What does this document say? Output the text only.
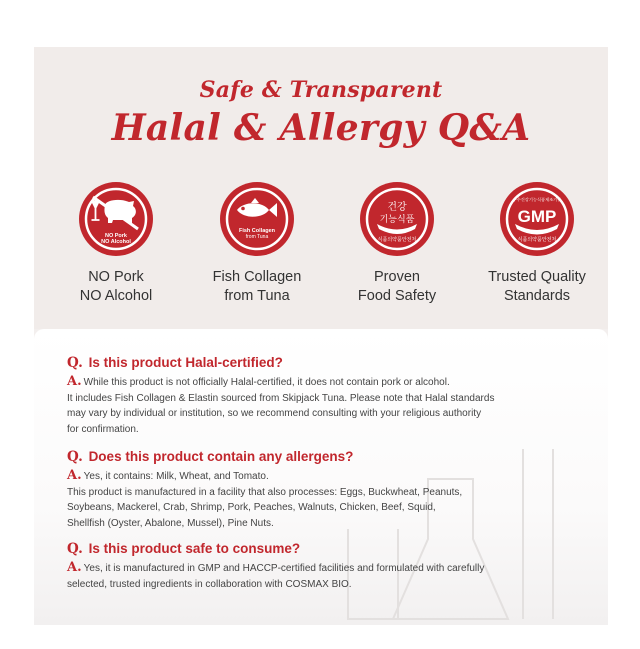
Safe & Transparent
Halal & Allergy Q&A
NO Pork
NO Alcohol
NO Pork
NO Alcohol
Fish Collagen
from Tuna
Fish Collagen
from Tuna
건강
기능식품
식품의약품안전처
Proven
Food Safety
우수건강기능식품제조기준
GMP
식품의약품안전처
Trusted Quality
Standards
Q. Is this product Halal-certified?
A. While this product is not officially Halal-certified, it does not contain pork or alcohol.
It includes Fish Collagen & Elastin sourced from Skipjack Tuna. Please note that Halal standards
may vary by individual or institution, so we recommend consulting with your religious authority
for confirmation.
Q. Does this product contain any allergens?
A. Yes, it contains: Milk, Wheat, and Tomato.
This product is manufactured in a facility that also processes: Eggs, Buckwheat, Peanuts,
Soybeans, Mackerel, Crab, Shrimp, Pork, Peaches, Walnuts, Chicken, Beef, Squid,
Shellfish (Oyster, Abalone, Mussel), Pine Nuts.
Q. Is this product safe to consume?
A. Yes, it is manufactured in GMP and HACCP-certified facilities and formulated with carefully
selected, trusted ingredients in collaboration with COSMAX BIO.
